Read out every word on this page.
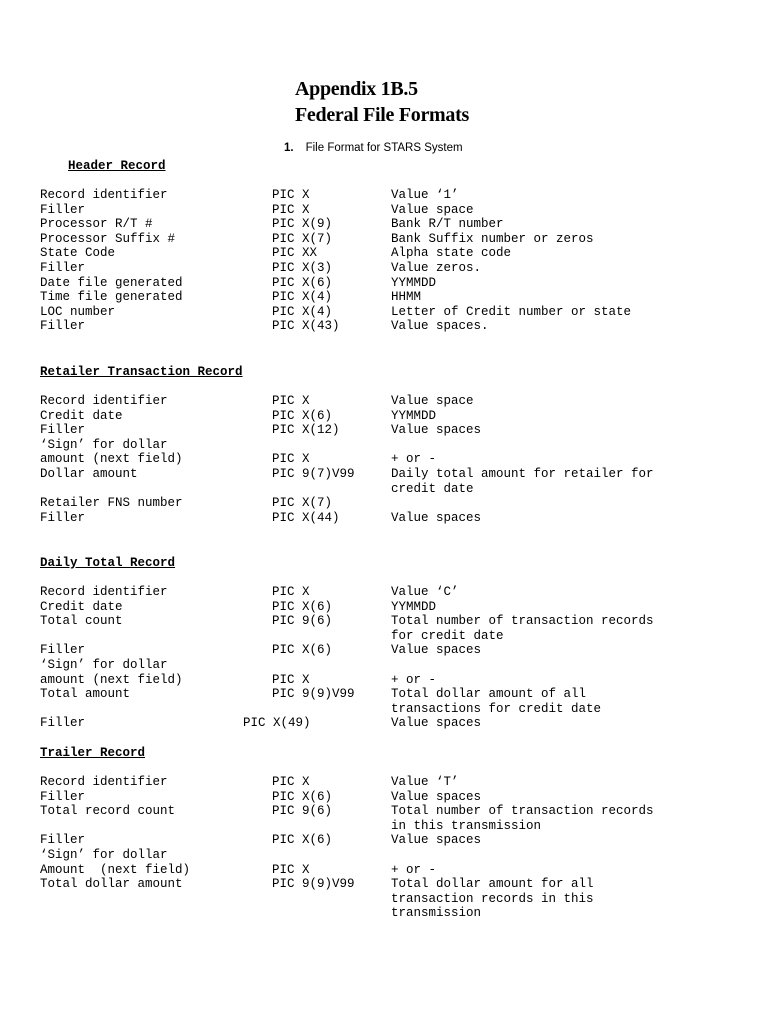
Appendix 1B.5
Federal File Formats
1. File Format for STARS System
Header Record
Record identifier	PIC X	Value ‘1’
Filler	PIC X	Value space
Processor R/T #	PIC X(9)	Bank R/T number
Processor Suffix #	PIC X(7)	Bank Suffix number or zeros
State Code	PIC XX	Alpha state code
Filler	PIC X(3)	Value zeros.
Date file generated	PIC X(6)	YYMMDD
Time file generated	PIC X(4)	HHMM
LOC number	PIC X(4)	Letter of Credit number or state
Filler	PIC X(43)	Value spaces.
Retailer Transaction Record
Record identifier	PIC X	Value space
Credit date	PIC X(6)	YYMMDD
Filler	PIC X(12)	Value spaces
‘Sign’ for dollar
amount (next field)	PIC X	+ or -
Dollar amount	PIC 9(7)V99	Daily total amount for retailer for
credit date
Retailer FNS number	PIC X(7)
Filler	PIC X(44)	Value spaces
Daily Total Record
Record identifier	PIC X	Value ‘C’
Credit date	PIC X(6)	YYMMDD
Total count	PIC 9(6)	Total number of transaction records
for credit date
Filler	PIC X(6)	Value spaces
‘Sign’ for dollar
amount (next field)	PIC X	+ or -
Total amount	PIC 9(9)V99	Total dollar amount of all
transactions for credit date
Filler	PIC X(49)	Value spaces
Trailer Record
Record identifier	PIC X	Value ‘T’
Filler	PIC X(6)	Value spaces
Total record count	PIC 9(6)	Total number of transaction records
in this transmission
Filler	PIC X(6)	Value spaces
‘Sign’ for dollar
Amount  (next field)	PIC X	+ or -
Total dollar amount	PIC 9(9)V99	Total dollar amount for all
transaction records in this
transmission
